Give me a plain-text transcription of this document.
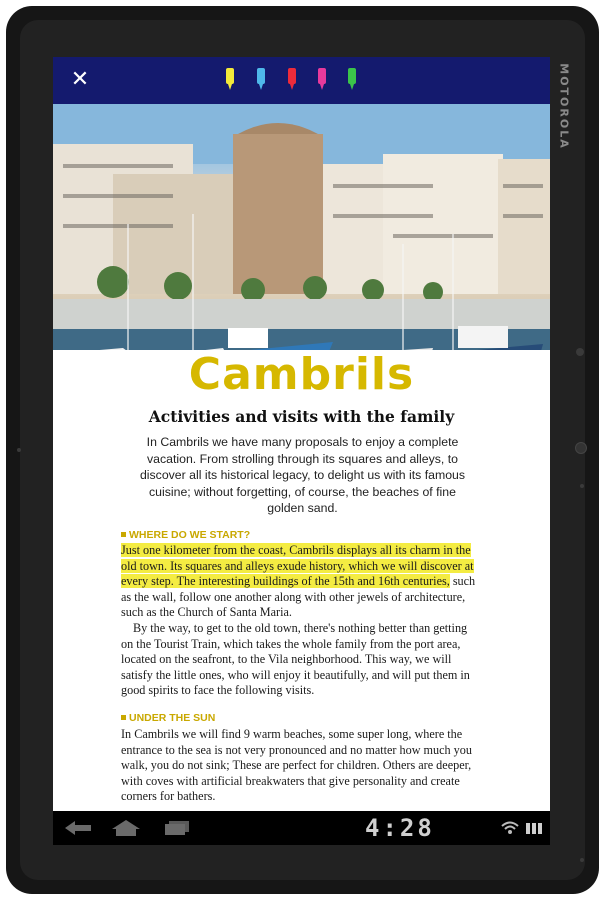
MOTOROLA
✕
Cambrils
Activities and visits with the family
In Cambrils we have many proposals to enjoy a complete vacation. From strolling through its squares and alleys, to discover all its historical legacy, to delight us with its famous cuisine; without forgetting, of course, the beaches of fine golden sand.
WHERE DO WE START?
Just one kilometer from the coast, Cambrils displays all its charm in the old town. Its squares and alleys exude history, which we will discover at every step. The interesting buildings of the 15th and 16th centuries, such as the wall, follow one another along with other jewels of architecture, such as the Church of Santa Maria.
By the way, to get to the old town, there's nothing better than getting on the Tourist Train, which takes the whole family from the port area, located on the seafront, to the Vila neighborhood. This way, we will satisfy the little ones, who will enjoy it beautifully, and will put them in good spirits to face the following visits.
UNDER THE SUN
In Cambrils we will find 9 warm beaches, some super long, where the entrance to the sea is not very pronounced and no matter how much you walk, you do not sink; These are perfect for children. Others are deeper, with coves with artificial breakwaters that give personality and create corners for bathers.
4:28
